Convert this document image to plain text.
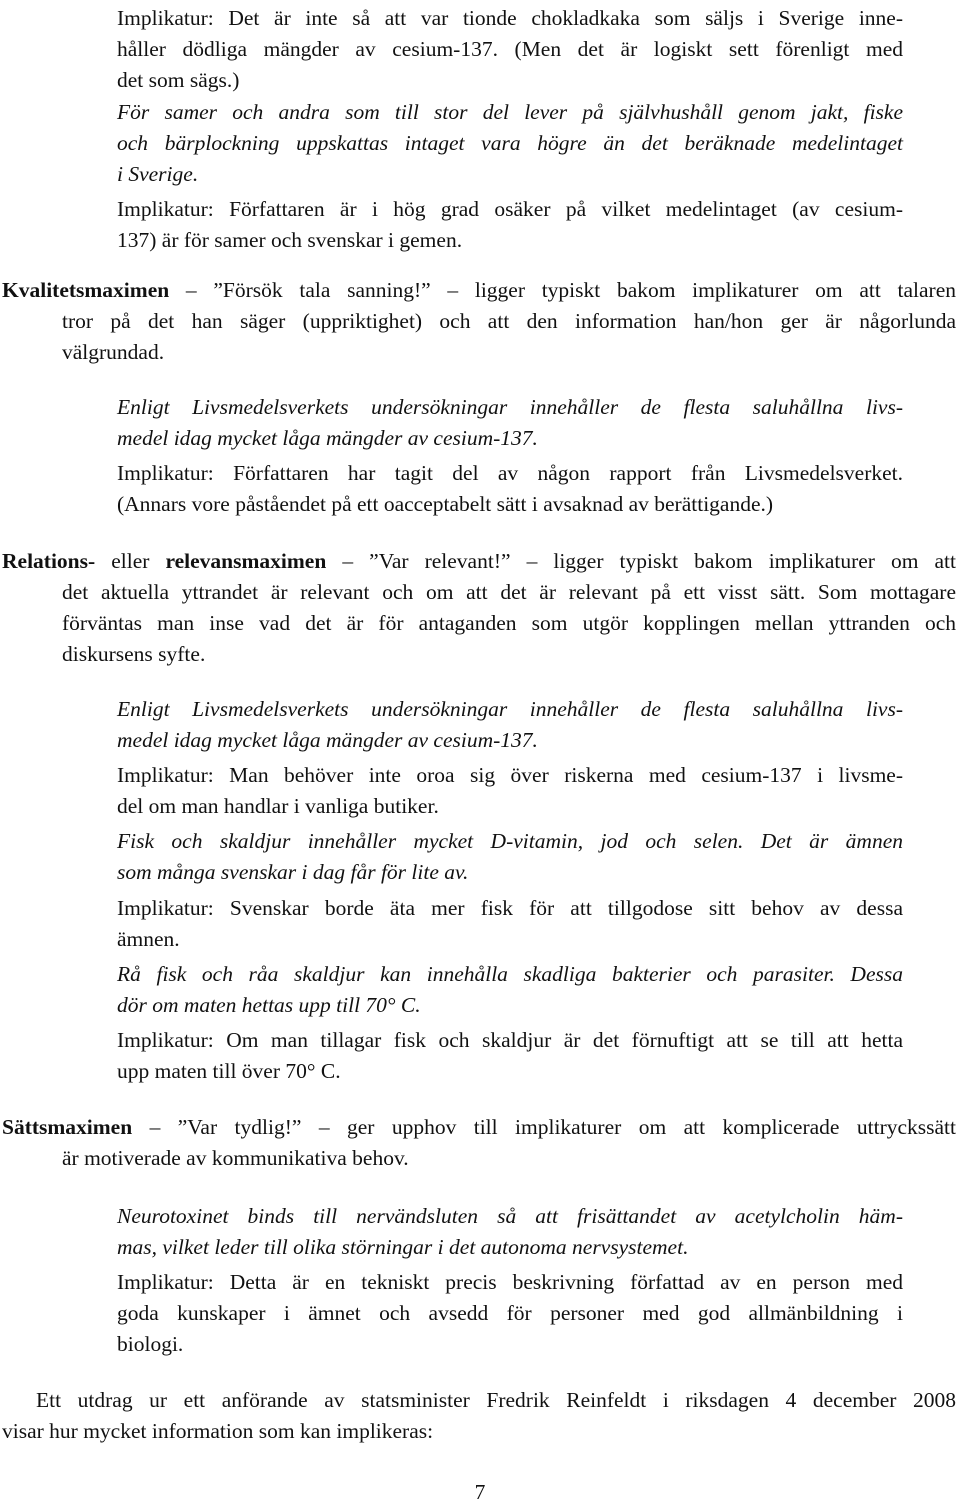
Implikatur: Det är inte så att var tionde chokladkaka som säljs i Sverige inne-
håller dödliga mängder av cesium-137. (Men det är logiskt sett förenligt med
det som sägs.)
För samer och andra som till stor del lever på självhushåll genom jakt, fiske
och bärplockning uppskattas intaget vara högre än det beräknade medelintaget
i Sverige.
Implikatur: Författaren är i hög grad osäker på vilket medelintaget (av cesium-
137) är för samer och svenskar i gemen.
Kvalitetsmaximen – ”Försök tala sanning!” – ligger typiskt bakom implikaturer om att talaren
tror på det han säger (uppriktighet) och att den information han/hon ger är någorlunda
välgrundad.
Enligt Livsmedelsverkets undersökningar innehåller de flesta saluhållna livs-
medel idag mycket låga mängder av cesium-137.
Implikatur: Författaren har tagit del av någon rapport från Livsmedelsverket.
(Annars vore påståendet på ett oacceptabelt sätt i avsaknad av berättigande.)
Relations- eller relevansmaximen – ”Var relevant!” – ligger typiskt bakom implikaturer om att
det aktuella yttrandet är relevant och om att det är relevant på ett visst sätt. Som mottagare
förväntas man inse vad det är för antaganden som utgör kopplingen mellan yttranden och
diskursens syfte.
Enligt Livsmedelsverkets undersökningar innehåller de flesta saluhållna livs-
medel idag mycket låga mängder av cesium-137.
Implikatur: Man behöver inte oroa sig över riskerna med cesium-137 i livsme-
del om man handlar i vanliga butiker.
Fisk och skaldjur innehåller mycket D-vitamin, jod och selen. Det är ämnen
som många svenskar i dag får för lite av.
Implikatur: Svenskar borde äta mer fisk för att tillgodose sitt behov av dessa
ämnen.
Rå fisk och råa skaldjur kan innehålla skadliga bakterier och parasiter. Dessa
dör om maten hettas upp till 70° C.
Implikatur: Om man tillagar fisk och skaldjur är det förnuftigt att se till att hetta
upp maten till över 70° C.
Sättsmaximen – ”Var tydlig!” – ger upphov till implikaturer om att komplicerade uttryckssätt
är motiverade av kommunikativa behov.
Neurotoxinet binds till nervändsluten så att frisättandet av acetylcholin häm-
mas, vilket leder till olika störningar i det autonoma nervsystemet.
Implikatur: Detta är en tekniskt precis beskrivning författad av en person med
goda kunskaper i ämnet och avsedd för personer med god allmänbildning i
biologi.
Ett utdrag ur ett anförande av statsminister Fredrik Reinfeldt i riksdagen 4 december 2008
visar hur mycket information som kan implikeras:
7
